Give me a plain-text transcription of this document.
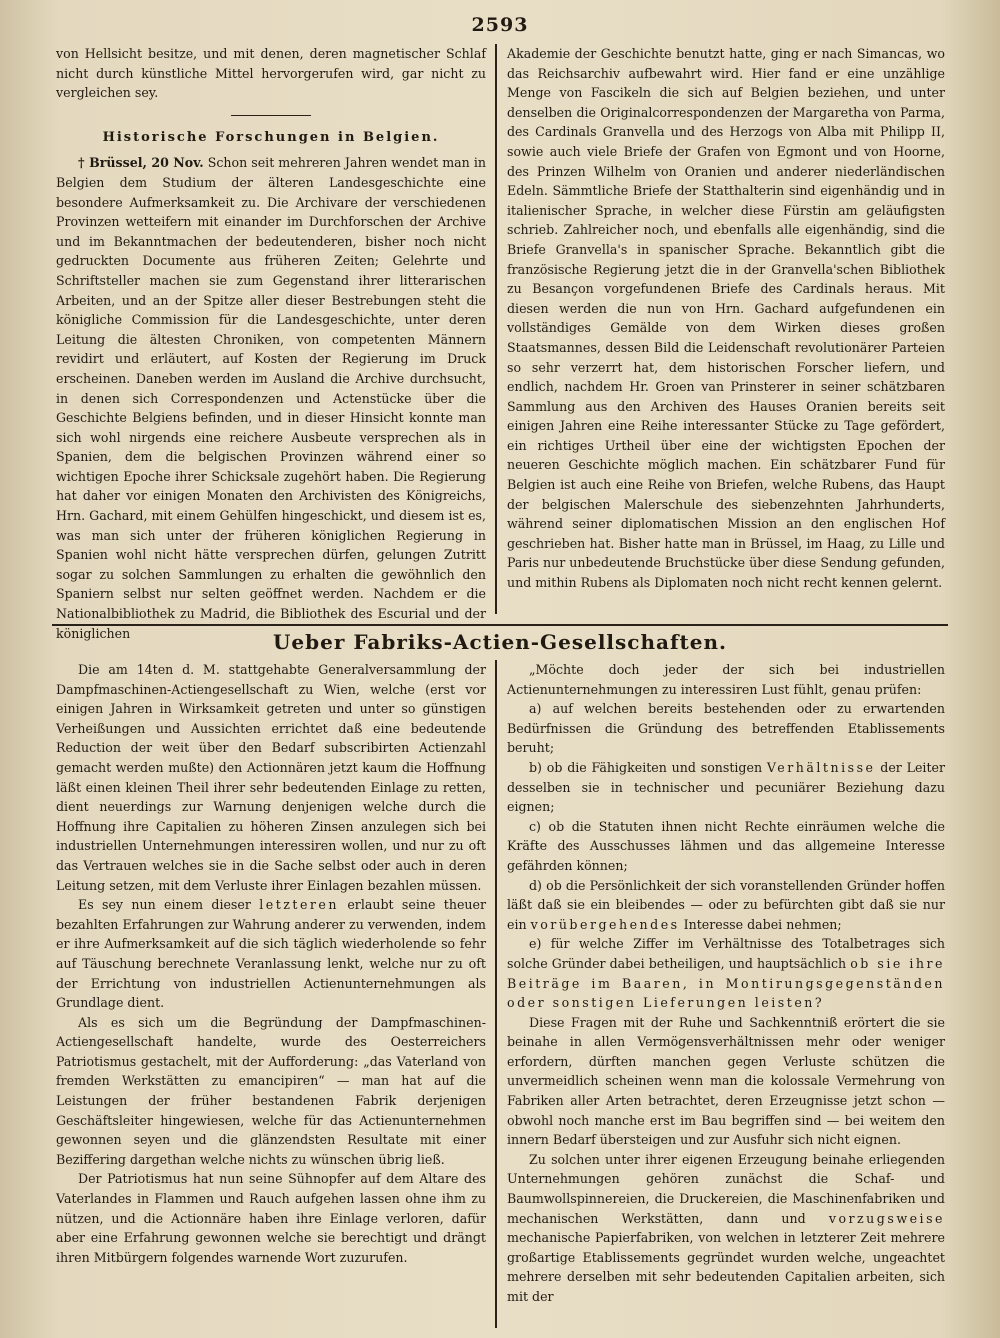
2593

von Hellsicht besitze, und mit denen, deren magnetischer Schlaf nicht durch künstliche Mittel hervorgerufen wird, gar nicht zu vergleichen sey.

Historische Forschungen in Belgien.

† Brüssel, 20 Nov. Schon seit mehreren Jahren wendet man in Belgien dem Studium der älteren Landesgeschichte eine besondere Aufmerksamkeit zu. Die Archivare der verschiedenen Provinzen wetteifern mit einander im Durchforschen der Archive und im Bekanntmachen der bedeutenderen, bisher noch nicht gedruckten Documente aus früheren Zeiten; Gelehrte und Schriftsteller machen sie zum Gegenstand ihrer litterarischen Arbeiten, und an der Spitze aller dieser Bestrebungen steht die königliche Commission für die Landesgeschichte, unter deren Leitung die ältesten Chroniken, von competenten Männern revidirt und erläutert, auf Kosten der Regierung im Druck erscheinen. Daneben werden im Ausland die Archive durchsucht, in denen sich Correspondenzen und Actenstücke über die Geschichte Belgiens befinden, und in dieser Hinsicht konnte man sich wohl nirgends eine reichere Ausbeute versprechen als in Spanien, dem die belgischen Provinzen während einer so wichtigen Epoche ihrer Schicksale zugehört haben. Die Regierung hat daher vor einigen Monaten den Archivisten des Königreichs, Hrn. Gachard, mit einem Gehülfen hingeschickt, und diesem ist es, was man sich unter der früheren königlichen Regierung in Spanien wohl nicht hätte versprechen dürfen, gelungen Zutritt sogar zu solchen Sammlungen zu erhalten die gewöhnlich den Spaniern selbst nur selten geöffnet werden. Nachdem er die Nationalbibliothek zu Madrid, die Bibliothek des Escurial und der königlichen

Akademie der Geschichte benutzt hatte, ging er nach Simancas, wo das Reichsarchiv aufbewahrt wird. Hier fand er eine unzählige Menge von Fascikeln die sich auf Belgien beziehen, und unter denselben die Originalcorrespondenzen der Margaretha von Parma, des Cardinals Granvella und des Herzogs von Alba mit Philipp II, sowie auch viele Briefe der Grafen von Egmont und von Hoorne, des Prinzen Wilhelm von Oranien und anderer niederländischen Edeln. Sämmtliche Briefe der Statthalterin sind eigenhändig und in italienischer Sprache, in welcher diese Fürstin am geläufigsten schrieb. Zahlreicher noch, und ebenfalls alle eigenhändig, sind die Briefe Granvella's in spanischer Sprache. Bekanntlich gibt die französische Regierung jetzt die in der Granvella'schen Bibliothek zu Besançon vorgefundenen Briefe des Cardinals heraus. Mit diesen werden die nun von Hrn. Gachard aufgefundenen ein vollständiges Gemälde von dem Wirken dieses großen Staatsmannes, dessen Bild die Leidenschaft revolutionärer Parteien so sehr verzerrt hat, dem historischen Forscher liefern, und endlich, nachdem Hr. Groen van Prinsterer in seiner schätzbaren Sammlung aus den Archiven des Hauses Oranien bereits seit einigen Jahren eine Reihe interessanter Stücke zu Tage gefördert, ein richtiges Urtheil über eine der wichtigsten Epochen der neueren Geschichte möglich machen. Ein schätzbarer Fund für Belgien ist auch eine Reihe von Briefen, welche Rubens, das Haupt der belgischen Malerschule des siebenzehnten Jahrhunderts, während seiner diplomatischen Mission an den englischen Hof geschrieben hat. Bisher hatte man in Brüssel, im Haag, zu Lille und Paris nur unbedeutende Bruchstücke über diese Sendung gefunden, und mithin Rubens als Diplomaten noch nicht recht kennen gelernt.

Ueber Fabriks-Actien-Gesellschaften.

Die am 14ten d. M. stattgehabte Generalversammlung der Dampfmaschinen-Actiengesellschaft zu Wien, welche (erst vor einigen Jahren in Wirksamkeit getreten und unter so günstigen Verheißungen und Aussichten errichtet daß eine bedeutende Reduction der weit über den Bedarf subscribirten Actienzahl gemacht werden mußte) den Actionnären jetzt kaum die Hoffnung läßt einen kleinen Theil ihrer sehr bedeutenden Einlage zu retten, dient neuerdings zur Warnung denjenigen welche durch die Hoffnung ihre Capitalien zu höheren Zinsen anzulegen sich bei industriellen Unternehmungen interessiren wollen, und nur zu oft das Vertrauen welches sie in die Sache selbst oder auch in deren Leitung setzen, mit dem Verluste ihrer Einlagen bezahlen müssen.

Es sey nun einem dieser letzteren erlaubt seine theuer bezahlten Erfahrungen zur Wahrung anderer zu verwenden, indem er ihre Aufmerksamkeit auf die sich täglich wiederholende so fehr auf Täuschung berechnete Veranlassung lenkt, welche nur zu oft der Errichtung von industriellen Actienunternehmungen als Grundlage dient.

Als es sich um die Begründung der Dampfmaschinen-Actiengesellschaft handelte, wurde des Oesterreichers Patriotismus gestachelt, mit der Aufforderung: „das Vaterland von fremden Werkstätten zu emancipiren“ — man hat auf die Leistungen der früher bestandenen Fabrik derjenigen Geschäftsleiter hingewiesen, welche für das Actienunternehmen gewonnen seyen und die glänzendsten Resultate mit einer Beziffering dargethan welche nichts zu wünschen übrig ließ.

Der Patriotismus hat nun seine Sühnopfer auf dem Altare des Vaterlandes in Flammen und Rauch aufgehen lassen ohne ihm zu nützen, und die Actionnäre haben ihre Einlage verloren, dafür aber eine Erfahrung gewonnen welche sie berechtigt und drängt ihren Mitbürgern folgendes warnende Wort zuzurufen.

„Möchte doch jeder der sich bei industriellen Actienunternehmungen zu interessiren Lust fühlt, genau prüfen:

a) auf welchen bereits bestehenden oder zu erwartenden Bedürfnissen die Gründung des betreffenden Etablissements beruht;

b) ob die Fähigkeiten und sonstigen Verhältnisse der Leiter desselben sie in technischer und pecuniärer Beziehung dazu eignen;

c) ob die Statuten ihnen nicht Rechte einräumen welche die Kräfte des Ausschusses lähmen und das allgemeine Interesse gefährden können;

d) ob die Persönlichkeit der sich voranstellenden Gründer hoffen läßt daß sie ein bleibendes — oder zu befürchten gibt daß sie nur ein vorübergehendes Interesse dabei nehmen;

e) für welche Ziffer im Verhältnisse des Totalbetrages sich solche Gründer dabei betheiligen, und hauptsächlich ob sie ihre Beiträge im Baaren, in Montirungsgegenständen oder sonstigen Lieferungen leisten?

Diese Fragen mit der Ruhe und Sachkenntniß erörtert die sie beinahe in allen Vermögensverhältnissen mehr oder weniger erfordern, dürften manchen gegen Verluste schützen die unvermeidlich scheinen wenn man die kolossale Vermehrung von Fabriken aller Arten betrachtet, deren Erzeugnisse jetzt schon — obwohl noch manche erst im Bau begriffen sind — bei weitem den innern Bedarf übersteigen und zur Ausfuhr sich nicht eignen.

Zu solchen unter ihrer eigenen Erzeugung beinahe erliegenden Unternehmungen gehören zunächst die Schaf- und Baumwollspinnereien, die Druckereien, die Maschinenfabriken und mechanischen Werkstätten, dann und vorzugsweise mechanische Papierfabriken, von welchen in letzterer Zeit mehrere großartige Etablissements gegründet wurden welche, ungeachtet mehrere derselben mit sehr bedeutenden Capitalien arbeiten, sich mit der
